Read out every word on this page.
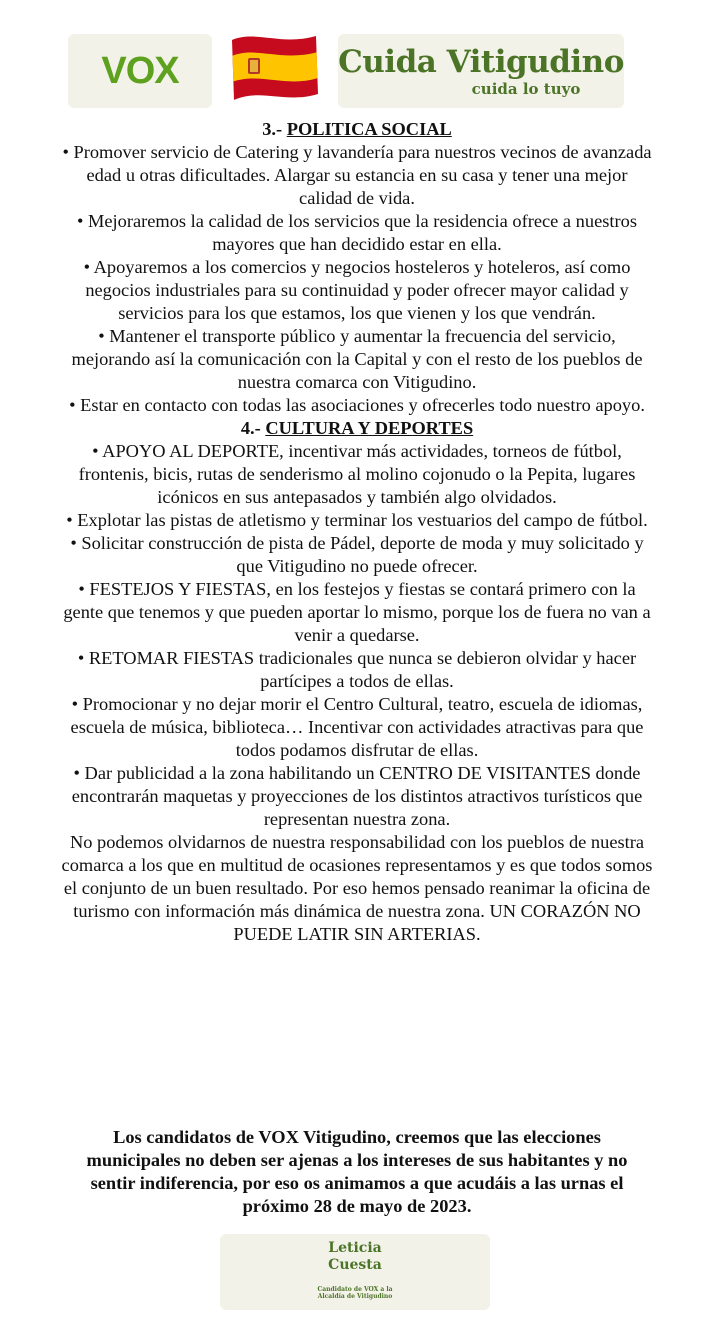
VOX	Cuida Vitigudino
cuida lo tuyo
3.- POLITICA SOCIAL

• Promover servicio de Catering y lavandería para nuestros vecinos de avanzada edad u otras dificultades. Alargar su estancia en su casa y tener una mejor calidad de vida.

• Mejoraremos la calidad de los servicios que la residencia ofrece a nuestros mayores que han decidido estar en ella.

• Apoyaremos a los comercios y negocios hosteleros y hoteleros, así como negocios industriales para su continuidad y poder ofrecer mayor calidad y servicios para los que estamos, los que vienen y los que vendrán.

• Mantener el transporte público y aumentar la frecuencia del servicio, mejorando así la comunicación con la Capital y con el resto de los pueblos de nuestra comarca con Vitigudino.

• Estar en contacto con todas las asociaciones y ofrecerles todo nuestro apoyo.

4.- CULTURA Y DEPORTES

• APOYO AL DEPORTE, incentivar más actividades, torneos de fútbol, frontenis, bicis, rutas de senderismo al molino cojonudo o la Pepita, lugares icónicos en sus antepasados y también algo olvidados.

• Explotar las pistas de atletismo y terminar los vestuarios del campo de fútbol.

• Solicitar construcción de pista de Pádel, deporte de moda y muy solicitado y que Vitigudino no puede ofrecer.

• FESTEJOS Y FIESTAS, en los festejos y fiestas se contará primero con la gente que tenemos y que pueden aportar lo mismo, porque los de fuera no van a venir a quedarse.

• RETOMAR FIESTAS tradicionales que nunca se debieron olvidar y hacer partícipes a todos de ellas.

• Promocionar y no dejar morir el Centro Cultural, teatro, escuela de idiomas, escuela de música, biblioteca… Incentivar con actividades atractivas para que todos podamos disfrutar de ellas.

• Dar publicidad a la zona habilitando un CENTRO DE VISITANTES donde encontrarán maquetas y proyecciones de los distintos atractivos turísticos que representan nuestra zona.

No podemos olvidarnos de nuestra responsabilidad con los pueblos de nuestra comarca a los que en multitud de ocasiones representamos y es que todos somos el conjunto de un buen resultado. Por eso hemos pensado reanimar la oficina de turismo con información más dinámica de nuestra zona. UN CORAZÓN NO PUEDE LATIR SIN ARTERIAS.

Los candidatos de VOX Vitigudino, creemos que las elecciones municipales no deben ser ajenas a los intereses de sus habitantes y no sentir indiferencia, por eso os animamos a que acudáis a las urnas el próximo 28 de mayo de 2023.
Leticia
Cuesta
Candidato de VOX a la
Alcaldía de Vitigudino
